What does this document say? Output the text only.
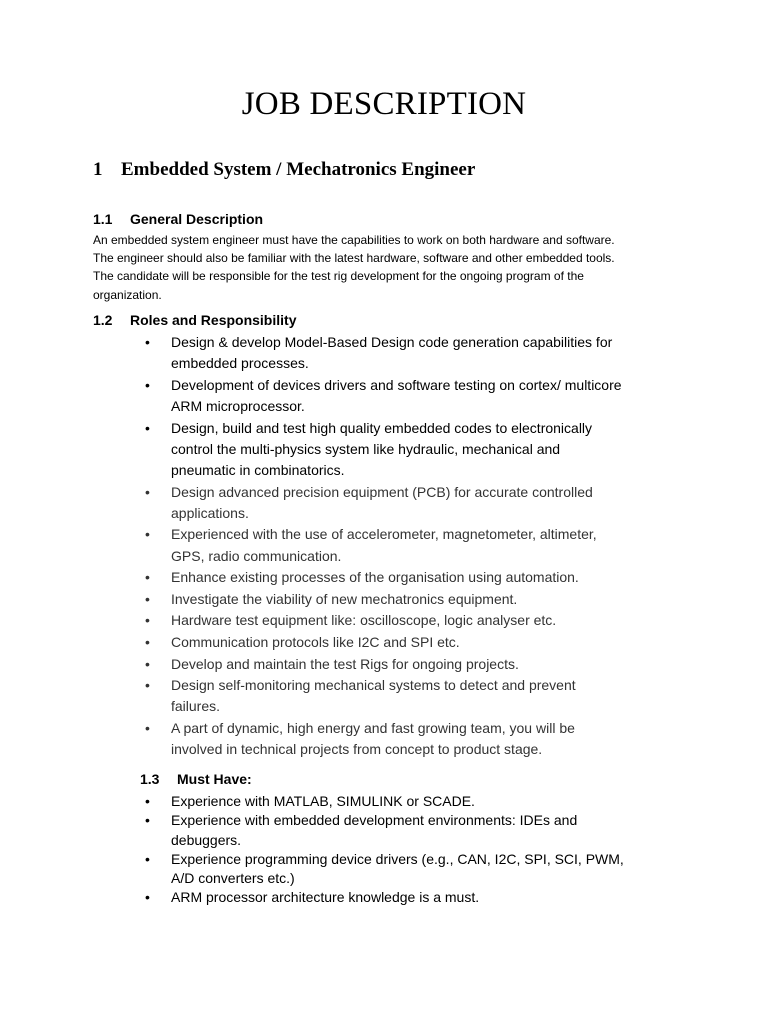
JOB DESCRIPTION
1 Embedded System / Mechatronics Engineer
1.1 General Description
An embedded system engineer must have the capabilities to work on both hardware and software.
The engineer should also be familiar with the latest hardware, software and other embedded tools.
The candidate will be responsible for the test rig development for the ongoing program of the
organization.
1.2 Roles and Responsibility
• Design & develop Model-Based Design code generation capabilities for
embedded processes.
• Development of devices drivers and software testing on cortex/ multicore
ARM microprocessor.
• Design, build and test high quality embedded codes to electronically
control the multi-physics system like hydraulic, mechanical and
pneumatic in combinatorics.
• Design advanced precision equipment (PCB) for accurate controlled
applications.
• Experienced with the use of accelerometer, magnetometer, altimeter,
GPS, radio communication.
• Enhance existing processes of the organisation using automation.
• Investigate the viability of new mechatronics equipment.
• Hardware test equipment like: oscilloscope, logic analyser etc.
• Communication protocols like I2C and SPI etc.
• Develop and maintain the test Rigs for ongoing projects.
• Design self-monitoring mechanical systems to detect and prevent
failures.
• A part of dynamic, high energy and fast growing team, you will be
involved in technical projects from concept to product stage.
1.3 Must Have:
• Experience with MATLAB, SIMULINK or SCADE.
• Experience with embedded development environments: IDEs and
debuggers.
• Experience programming device drivers (e.g., CAN, I2C, SPI, SCI, PWM,
A/D converters etc.)
• ARM processor architecture knowledge is a must.
